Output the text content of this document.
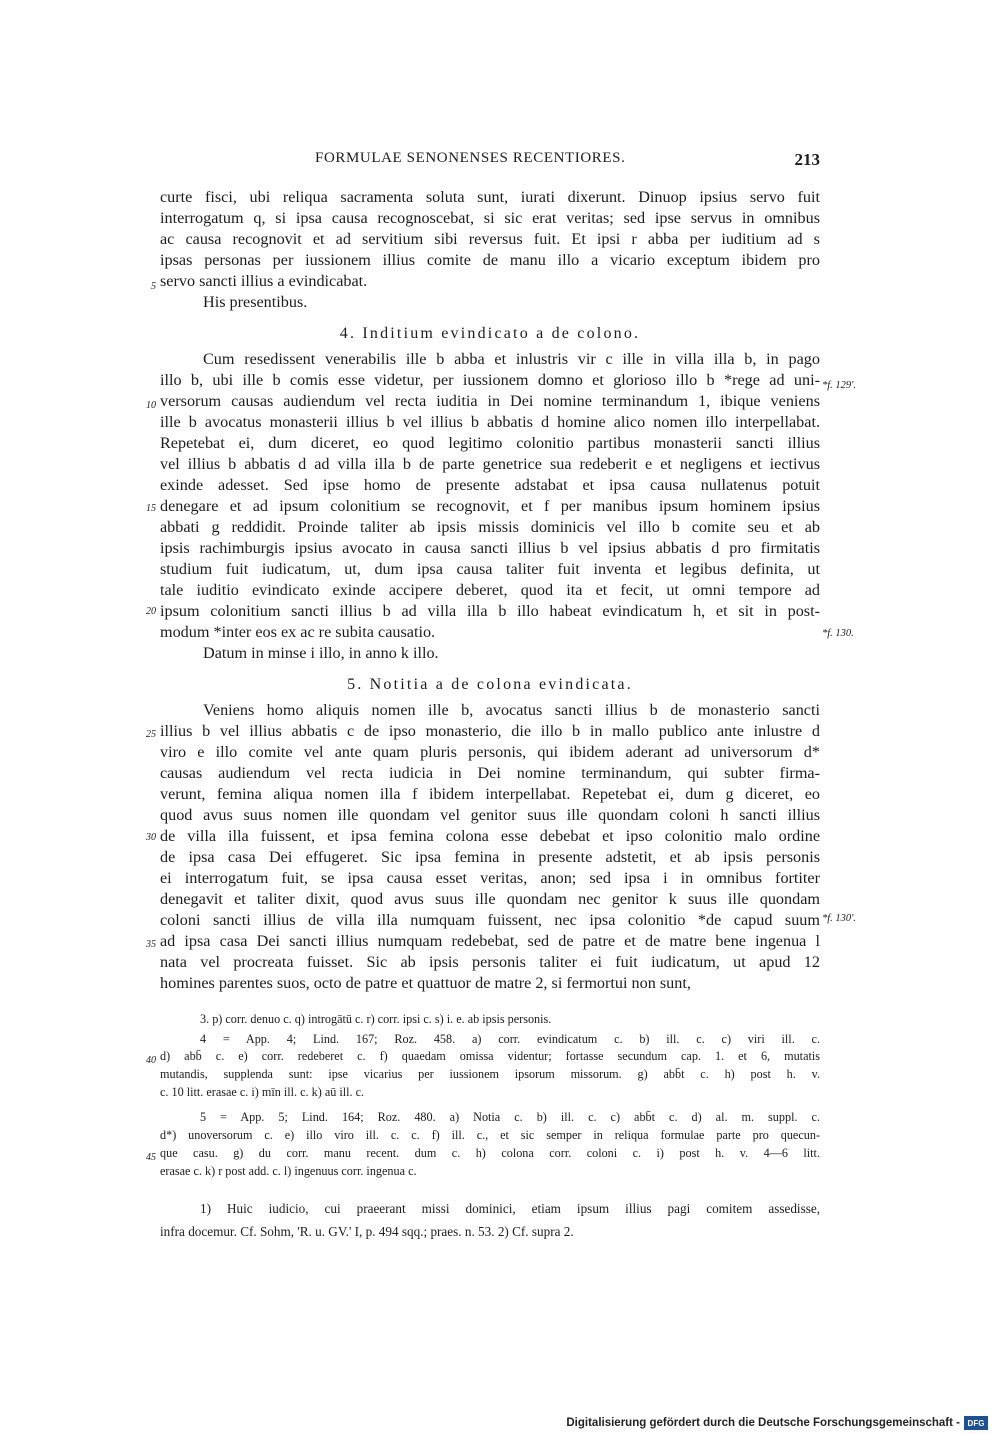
FORMULAE SENONENSES RECENTIORES.	213
curte fisci, ubi reliqua sacramenta soluta sunt, iurati dixerunt. Dinuop ipsius servo fuit
interrogatum q, si ipsa causa recognoscebat, si sic erat veritas; sed ipse servus in omnibus
ac causa recognovit et ad servitium sibi reversus fuit. Et ipsi r abba per iuditium ad s
ipsas personas per iussionem illius comite de manu illo a vicario exceptum ibidem pro
servo sancti illius a evindicabat.
His presentibus.
4. Inditium evindicato a de colono.
Cum resedissent venerabilis ille b abba et inlustris vir c ille in villa illa b, in pago
illo b, ubi ille b comis esse videtur, per iussionem domno et glorioso illo b *rege ad uni-
versorum causas audiendum vel recta iuditia in Dei nomine terminandum 1, ibique veniens
ille b avocatus monasterii illius b vel illius b abbatis d homine alico nomen illo interpellabat.
Repetebat ei, dum diceret, eo quod legitimo colonitio partibus monasterii sancti illius
vel illius b abbatis d ad villa illa b de parte genetrice sua redeberit e et negligens et iectivus
exinde adesset. Sed ipse homo de presente adstabat et ipsa causa nullatenus potuit
denegare et ad ipsum colonitium se recognovit, et f per manibus ipsum hominem ipsius
abbati g reddidit. Proinde taliter ab ipsis missis dominicis vel illo b comite seu et ab
ipsis rachimburgis ipsius avocato in causa sancti illius b vel ipsius abbatis d pro firmitatis
studium fuit iudicatum, ut, dum ipsa causa taliter fuit inventa et legibus definita, ut
tale iuditio evindicato exinde accipere deberet, quod ita et fecit, ut omni tempore ad
ipsum colonitium sancti illius b ad villa illa b illo habeat evindicatum h, et sit in post-
modum *inter eos ex ac re subita causatio.
Datum in minse i illo, in anno k illo.
5. Notitia a de colona evindicata.
Veniens homo aliquis nomen ille b, avocatus sancti illius b de monasterio sancti
illius b vel illius abbatis c de ipso monasterio, die illo b in mallo publico ante inlustre d
viro e illo comite vel ante quam pluris personis, qui ibidem aderant ad universorum d*
causas audiendum vel recta iudicia in Dei nomine terminandum, qui subter firma-
verunt, femina aliqua nomen illa f ibidem interpellabat. Repetebat ei, dum g diceret, eo
quod avus suus nomen ille quondam vel genitor suus ille quondam coloni h sancti illius
de villa illa fuissent, et ipsa femina colona esse debebat et ipso colonitio malo ordine
de ipsa casa Dei effugeret. Sic ipsa femina in presente adstetit, et ab ipsis personis
ei interrogatum fuit, se ipsa causa esset veritas, anon; sed ipsa i in omnibus fortiter
denegavit et taliter dixit, quod avus suus ille quondam nec genitor k suus ille quondam
coloni sancti illius de villa illa numquam fuissent, nec ipsa colonitio *de capud suum
ad ipsa casa Dei sancti illius numquam redebebat, sed de patre et de matre bene ingenua l
nata vel procreata fuisset. Sic ab ipsis personis taliter ei fuit iudicatum, ut apud 12
homines parentes suos, octo de patre et quattuor de matre 2, si fermortui non sunt,
5
10
15
20
25
30
35
*f. 129'.
*f. 130.
*f. 130'.
3. p) corr. denuo c. q) introgātū c. r) corr. ipsi c. s) i. e. ab ipsis personis.
4 = App. 4; Lind. 167; Roz. 458. a) corr. evindicatum c. b) ill. c. c) viri ill. c.
d) abb̄ c. e) corr. redeberet c. f) quaedam omissa videntur; fortasse secundum cap. 1. et 6, mutatis
mutandis, supplenda sunt: ipse vicarius per iussionem ipsorum missorum. g) abb̄t c. h) post h. v.
c. 10 litt. erasae c. i) mīn ill. c. k) aū ill. c.
5 = App. 5; Lind. 164; Roz. 480. a) Notia c. b) ill. c. c) abb̄t c. d) al. m. suppl. c.
d*) unoversorum c. e) illo viro ill. c. c. f) ill. c., et sic semper in reliqua formulae parte pro quecun-
que casu. g) du corr. manu recent. dum c. h) colona corr. coloni c. i) post h. v. 4—6 litt.
erasae c. k) r post add. c. l) ingenuus corr. ingenua c.
40
45
1) Huic iudicio, cui praeerant missi dominici, etiam ipsum illius pagi comitem assedisse,
infra docemur. Cf. Sohm, 'R. u. GV.' I, p. 494 sqq.; praes. n. 53. 2) Cf. supra 2.
Digitalisierung gefördert durch die Deutsche Forschungsgemeinschaft - DFG
